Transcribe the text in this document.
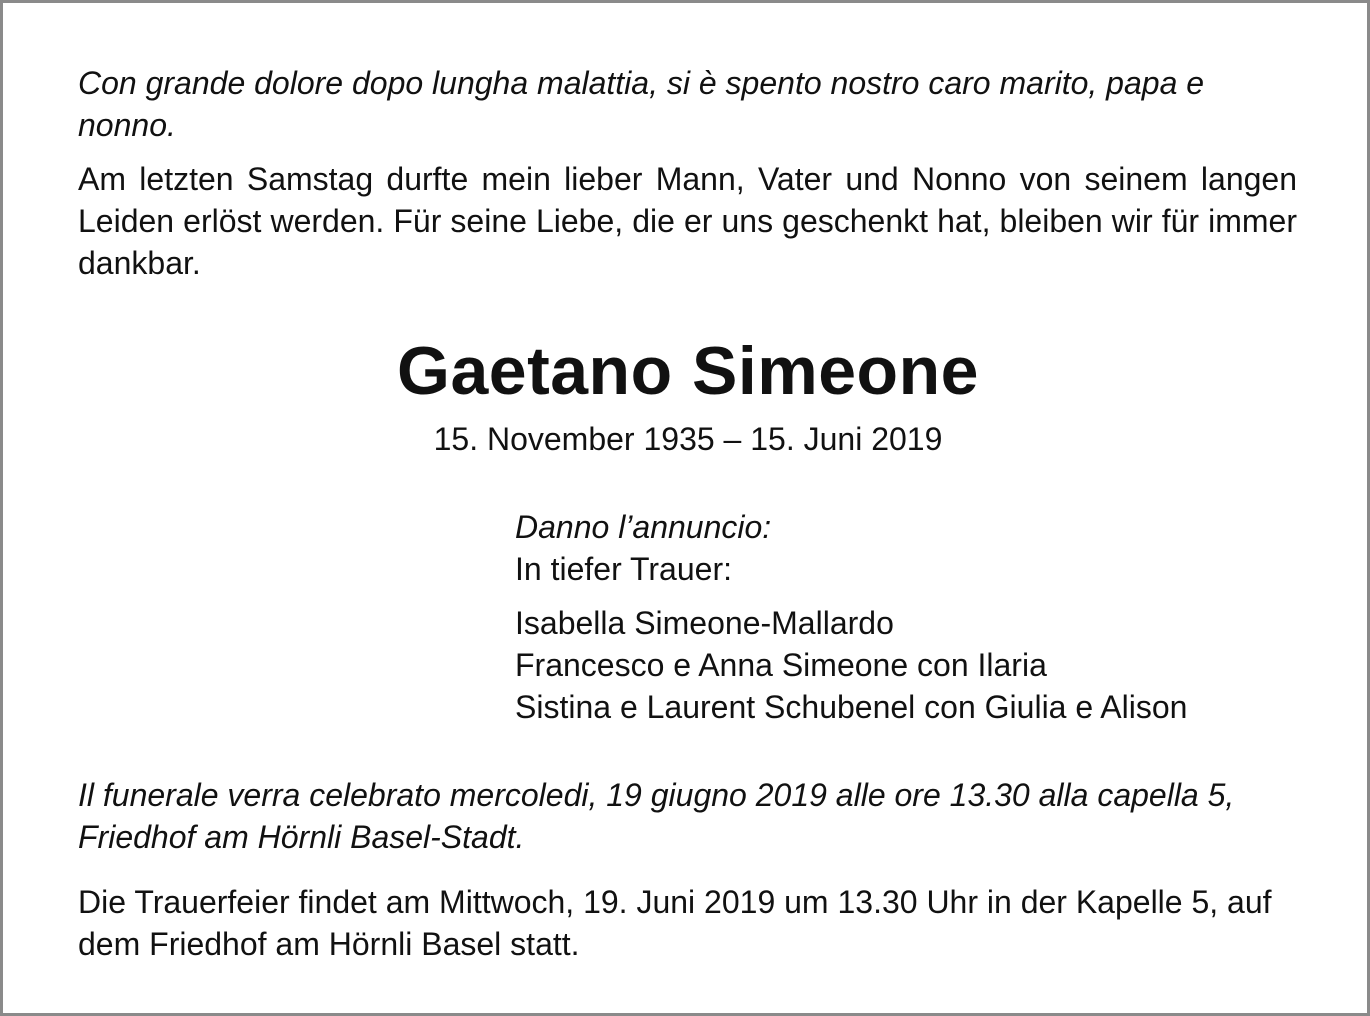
Con grande dolore dopo lungha malattia, si è spento nostro caro marito, papa e nonno.

Am letzten Samstag durfte mein lieber Mann, Vater und Nonno von seinem langen Leiden erlöst werden. Für seine Liebe, die er uns geschenkt hat, bleiben wir für immer dankbar.

Gaetano Simeone

15. November 1935 – 15. Juni 2019

Danno l’annuncio:
In tiefer Trauer:
Isabella Simeone-Mallardo
Francesco e Anna Simeone con Ilaria
Sistina e Laurent Schubenel con Giulia e Alison

Il funerale verra celebrato mercoledi, 19 giugno 2019 alle ore 13.30 alla capella 5, Friedhof am Hörnli Basel-Stadt.

Die Trauerfeier findet am Mittwoch, 19. Juni 2019 um 13.30 Uhr in der Kapelle 5, auf dem Friedhof am Hörnli Basel statt.
